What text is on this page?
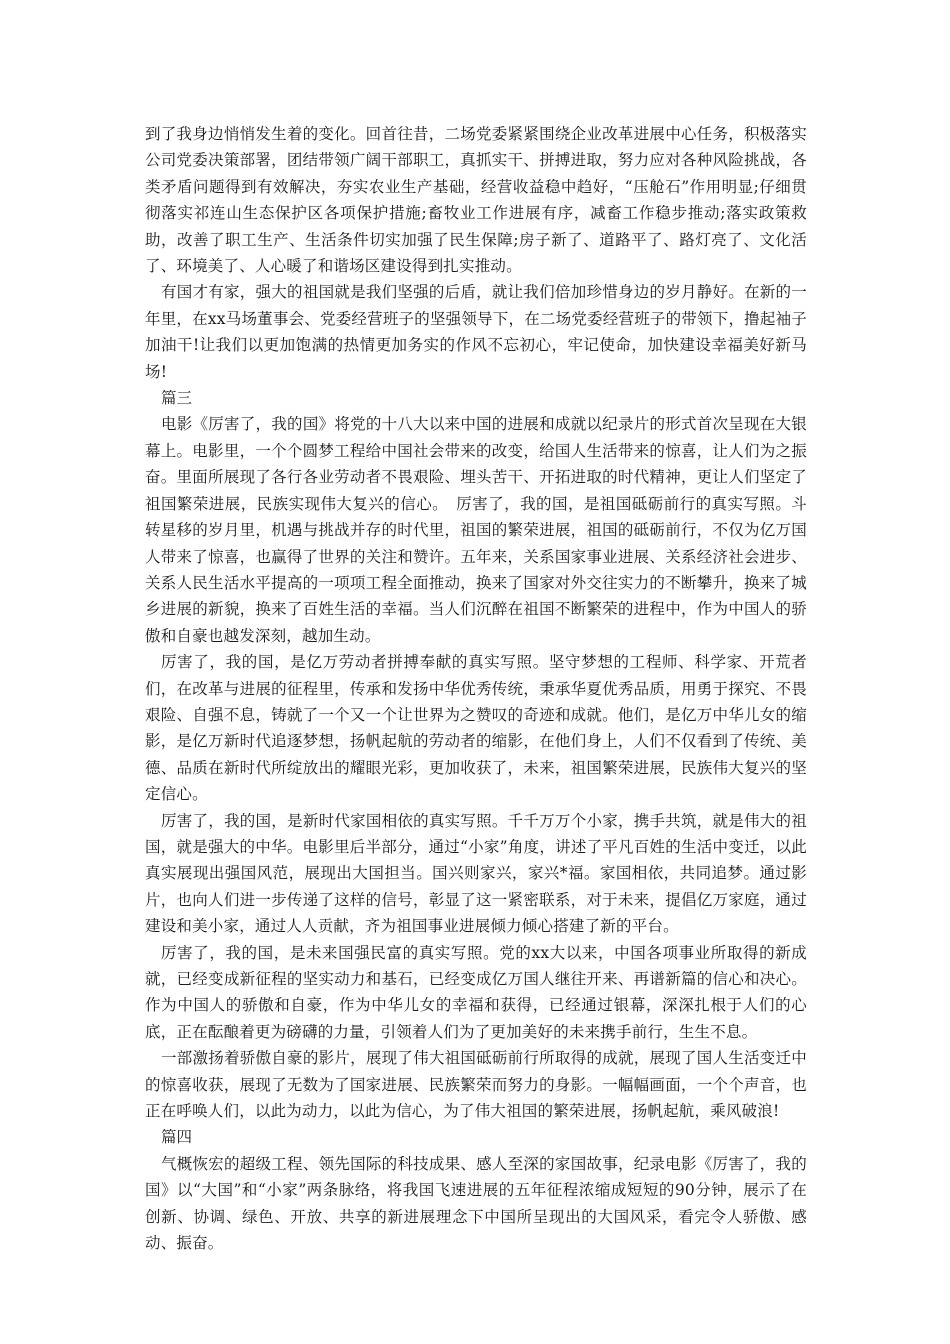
到了我身边悄悄发生着的变化。回首往昔，二场党委紧紧围绕企业改革进展中心任务，积极落实公司党委决策部署，团结带领广阔干部职工，真抓实干、拼搏进取，努力应对各种风险挑战，各类矛盾问题得到有效解决，夯实农业生产基础，经营收益稳中趋好，“压舱石”作用明显;仔细贯彻落实祁连山生态保护区各项保护措施;畜牧业工作进展有序，减畜工作稳步推动;落实政策救助，改善了职工生产、生活条件切实加强了民生保障;房子新了、道路平了、路灯亮了、文化活了、环境美了、人心暖了和谐场区建设得到扎实推动。

有国才有家，强大的祖国就是我们坚强的后盾，就让我们倍加珍惜身边的岁月静好。在新的一年里，在xx马场董事会、党委经营班子的坚强领导下，在二场党委经营班子的带领下，撸起袖子加油干!让我们以更加饱满的热情更加务实的作风不忘初心，牢记使命，加快建设幸福美好新马场!

篇三

电影《厉害了，我的国》将党的十八大以来中国的进展和成就以纪录片的形式首次呈现在大银幕上。电影里，一个个圆梦工程给中国社会带来的改变，给国人生活带来的惊喜，让人们为之振奋。里面所展现了各行各业劳动者不畏艰险、埋头苦干、开拓进取的时代精神，更让人们坚定了祖国繁荣进展，民族实现伟大复兴的信心。　厉害了，我的国，是祖国砥砺前行的真实写照。斗转星移的岁月里，机遇与挑战并存的时代里，祖国的繁荣进展，祖国的砥砺前行，不仅为亿万国人带来了惊喜，也赢得了世界的关注和赞许。五年来，关系国家事业进展、关系经济社会进步、关系人民生活水平提高的一项项工程全面推动，换来了国家对外交往实力的不断攀升，换来了城乡进展的新貌，换来了百姓生活的幸福。当人们沉醉在祖国不断繁荣的进程中，作为中国人的骄傲和自豪也越发深刻，越加生动。

厉害了，我的国，是亿万劳动者拼搏奉献的真实写照。坚守梦想的工程师、科学家、开荒者们，在改革与进展的征程里，传承和发扬中华优秀传统，秉承华夏优秀品质，用勇于探究、不畏艰险、自强不息，铸就了一个又一个让世界为之赞叹的奇迹和成就。他们，是亿万中华儿女的缩影，是亿万新时代追逐梦想，扬帆起航的劳动者的缩影，在他们身上，人们不仅看到了传统、美德、品质在新时代所绽放出的耀眼光彩，更加收获了，未来，祖国繁荣进展，民族伟大复兴的坚定信心。

厉害了，我的国，是新时代家国相依的真实写照。千千万万个小家，携手共筑，就是伟大的祖国，就是强大的中华。电影里后半部分，通过“小家”角度，讲述了平凡百姓的生活中变迁，以此真实展现出强国风范，展现出大国担当。国兴则家兴，家兴*福。家国相依，共同追梦。通过影片，也向人们进一步传递了这样的信号，彰显了这一紧密联系，对于未来，提倡亿万家庭，通过建设和美小家，通过人人贡献，齐为祖国事业进展倾力倾心搭建了新的平台。

厉害了，我的国，是未来国强民富的真实写照。党的xx大以来，中国各项事业所取得的新成就，已经变成新征程的坚实动力和基石，已经变成亿万国人继往开来、再谱新篇的信心和决心。作为中国人的骄傲和自豪，作为中华儿女的幸福和获得，已经通过银幕，深深扎根于人们的心底，正在酝酿着更为磅礴的力量，引领着人们为了更加美好的未来携手前行，生生不息。

一部激扬着骄傲自豪的影片，展现了伟大祖国砥砺前行所取得的成就，展现了国人生活变迁中的惊喜收获，展现了无数为了国家进展、民族繁荣而努力的身影。一幅幅画面，一个个声音，也正在呼唤人们，以此为动力，以此为信心，为了伟大祖国的繁荣进展，扬帆起航，乘风破浪!

篇四

气概恢宏的超级工程、领先国际的科技成果、感人至深的家国故事，纪录电影《厉害了，我的国》以“大国”和“小家”两条脉络，将我国飞速进展的五年征程浓缩成短短的90分钟，展示了在创新、协调、绿色、开放、共享的新进展理念下中国所呈现出的大国风采，看完令人骄傲、感动、振奋。
